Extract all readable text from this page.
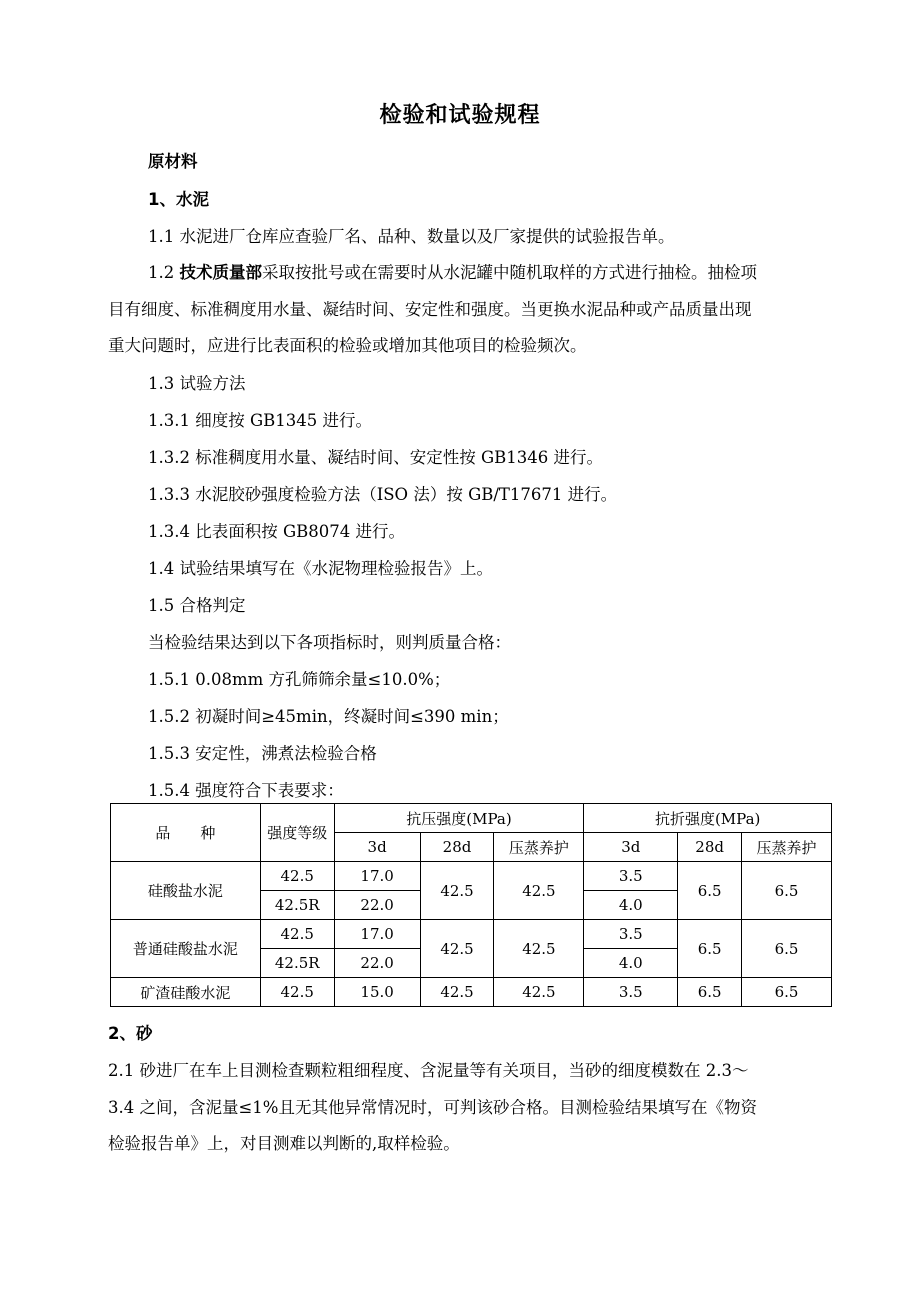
检验和试验规程
原材料
1、水泥
1.1 水泥进厂仓库应查验厂名、品种、数量以及厂家提供的试验报告单。
1.2 技术质量部采取按批号或在需要时从水泥罐中随机取样的方式进行抽检。抽检项
目有细度、标准稠度用水量、凝结时间、安定性和强度。当更换水泥品种或产品质量出现
重大问题时，应进行比表面积的检验或增加其他项目的检验频次。
1.3 试验方法
1.3.1 细度按 GB1345 进行。
1.3.2 标准稠度用水量、凝结时间、安定性按 GB1346 进行。
1.3.3 水泥胶砂强度检验方法（ISO 法）按 GB/T17671 进行。
1.3.4 比表面积按 GB8074 进行。
1.4 试验结果填写在《水泥物理检验报告》上。
1.5 合格判定
当检验结果达到以下各项指标时，则判质量合格：
1.5.1 0.08mm 方孔筛筛余量≤10.0%；
1.5.2 初凝时间≥45min，终凝时间≤390 min；
1.5.3 安定性，沸煮法检验合格
1.5.4 强度符合下表要求：
品　　种	强度等级	抗压强度(MPa)			抗折强度(MPa)		
		3d	28d	压蒸养护	3d	28d	压蒸养护
硅酸盐水泥	42.5	17.0	42.5	42.5	3.5	6.5	6.5
	42.5R	22.0			4.0		
普通硅酸盐水泥	42.5	17.0	42.5	42.5	3.5	6.5	6.5
	42.5R	22.0			4.0		
矿渣硅酸水泥	42.5	15.0	42.5	42.5	3.5	6.5	6.5
2、砂
2.1 砂进厂在车上目测检查颗粒粗细程度、含泥量等有关项目，当砂的细度模数在 2.3～
3.4 之间，含泥量≤1%且无其他异常情况时，可判该砂合格。目测检验结果填写在《物资
检验报告单》上，对目测难以判断的,取样检验。
